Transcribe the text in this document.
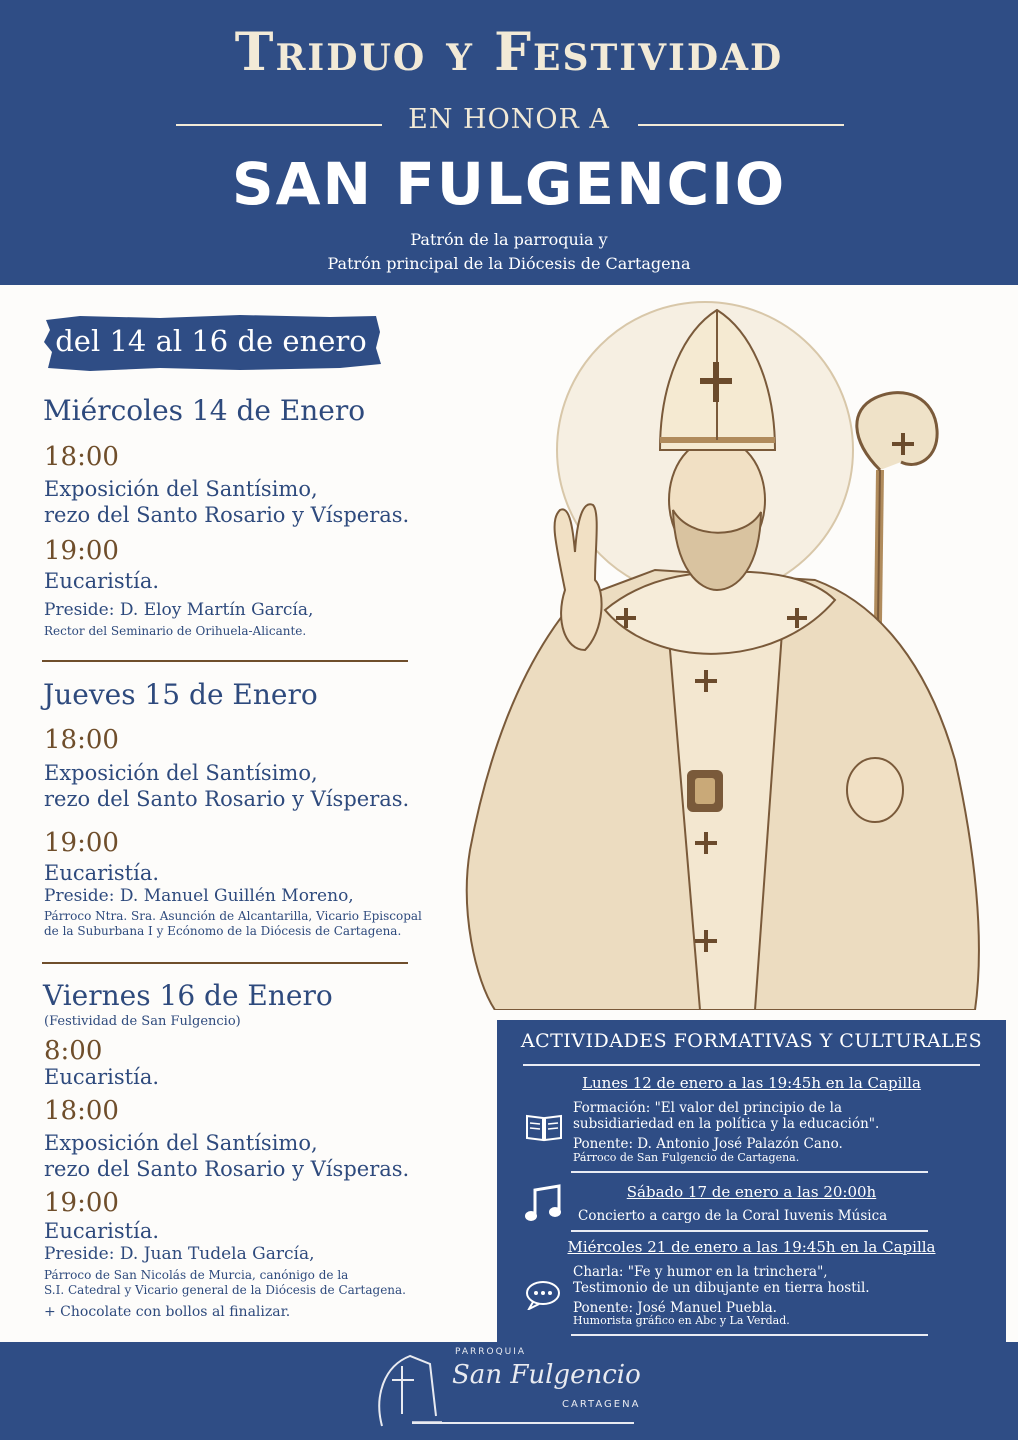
Triduo y Festividad
EN HONOR A
SAN FULGENCIO
Patrón de la parroquia y
Patrón principal de la Diócesis de Cartagena
del 14 al 16 de enero
Miércoles 14 de Enero
18:00
Exposición del Santísimo,
rezo del Santo Rosario y Vísperas.
19:00
Eucaristía.
Preside: D. Eloy Martín García,
Rector del Seminario de Orihuela-Alicante.
Jueves 15 de Enero
18:00
Exposición del Santísimo,
rezo del Santo Rosario y Vísperas.
19:00
Eucaristía.
Preside: D. Manuel Guillén Moreno,
Párroco Ntra. Sra. Asunción de Alcantarilla, Vicario Episcopal
de la Suburbana I y Ecónomo de la Diócesis de Cartagena.
Viernes 16 de Enero
(Festividad de San Fulgencio)
8:00
Eucaristía.
18:00
Exposición del Santísimo,
rezo del Santo Rosario y Vísperas.
19:00
Eucaristía.
Preside: D. Juan Tudela García,
Párroco de San Nicolás de Murcia, canónigo de la
S.I. Catedral y Vicario general de la Diócesis de Cartagena.
+ Chocolate con bollos al finalizar.
ACTIVIDADES FORMATIVAS Y CULTURALES
Lunes 12 de enero a las 19:45h en la Capilla
Formación: "El valor del principio de la
subsidiariedad en la política y la educación".
Ponente: D. Antonio José Palazón Cano.
Párroco de San Fulgencio de Cartagena.
Sábado 17 de enero a las 20:00h
Concierto a cargo de la Coral Iuvenis Música
Miércoles 21 de enero a las 19:45h en la Capilla
Charla: "Fe y humor en la trinchera",
Testimonio de un dibujante en tierra hostil.
Ponente: José Manuel Puebla.
Humorista gráfico en Abc y La Verdad.
PARROQUIA
San Fulgencio
CARTAGENA
